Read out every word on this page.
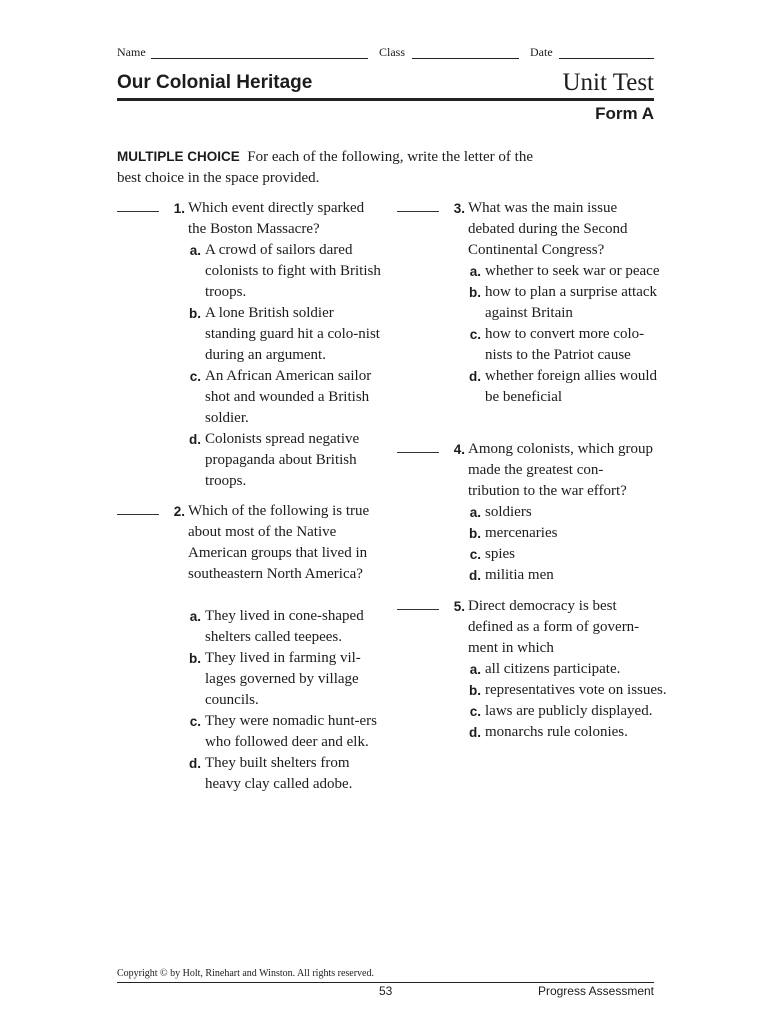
Name	Class	Date
Our Colonial Heritage	Unit Test
Form A
MULTIPLE CHOICE For each of the following, write the letter of the best choice in the space provided.
1. Which event directly sparked the Boston Massacre?
a. A crowd of sailors dared colonists to fight with British troops.
b. A lone British soldier standing guard hit a colo-nist during an argument.
c. An African American sailor shot and wounded a British soldier.
d. Colonists spread negative propaganda about British troops.
2. Which of the following is true about most of the Native American groups that lived in southeastern North America?
a. They lived in cone-shaped shelters called teepees.
b. They lived in farming vil-lages governed by village councils.
c. They were nomadic hunt-ers who followed deer and elk.
d. They built shelters from heavy clay called adobe.
3. What was the main issue debated during the Second Continental Congress?
a. whether to seek war or peace
b. how to plan a surprise attack against Britain
c. how to convert more colo-nists to the Patriot cause
d. whether foreign allies would be beneficial
4. Among colonists, which group made the greatest con-tribution to the war effort?
a. soldiers
b. mercenaries
c. spies
d. militia men
5. Direct democracy is best defined as a form of govern-ment in which
a. all citizens participate.
b. representatives vote on issues.
c. laws are publicly displayed.
d. monarchs rule colonies.
Copyright © by Holt, Rinehart and Winston. All rights reserved.
53	Progress Assessment
